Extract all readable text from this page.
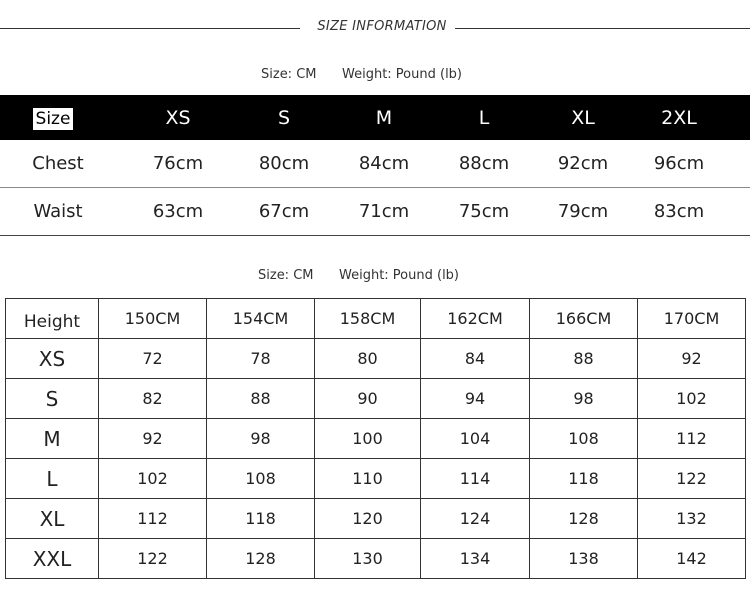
SIZE INFORMATION
Size: CM Weight: Pound (lb)
Size	XS	S	M	L	XL	2XL
Chest	76cm	80cm	84cm	88cm	92cm	96cm
Waist	63cm	67cm	71cm	75cm	79cm	83cm
Size: CM Weight: Pound (lb)
Height	150CM	154CM	158CM	162CM	166CM	170CM
XS	72	78	80	84	88	92
S	82	88	90	94	98	102
M	92	98	100	104	108	112
L	102	108	110	114	118	122
XL	112	118	120	124	128	132
XXL	122	128	130	134	138	142
